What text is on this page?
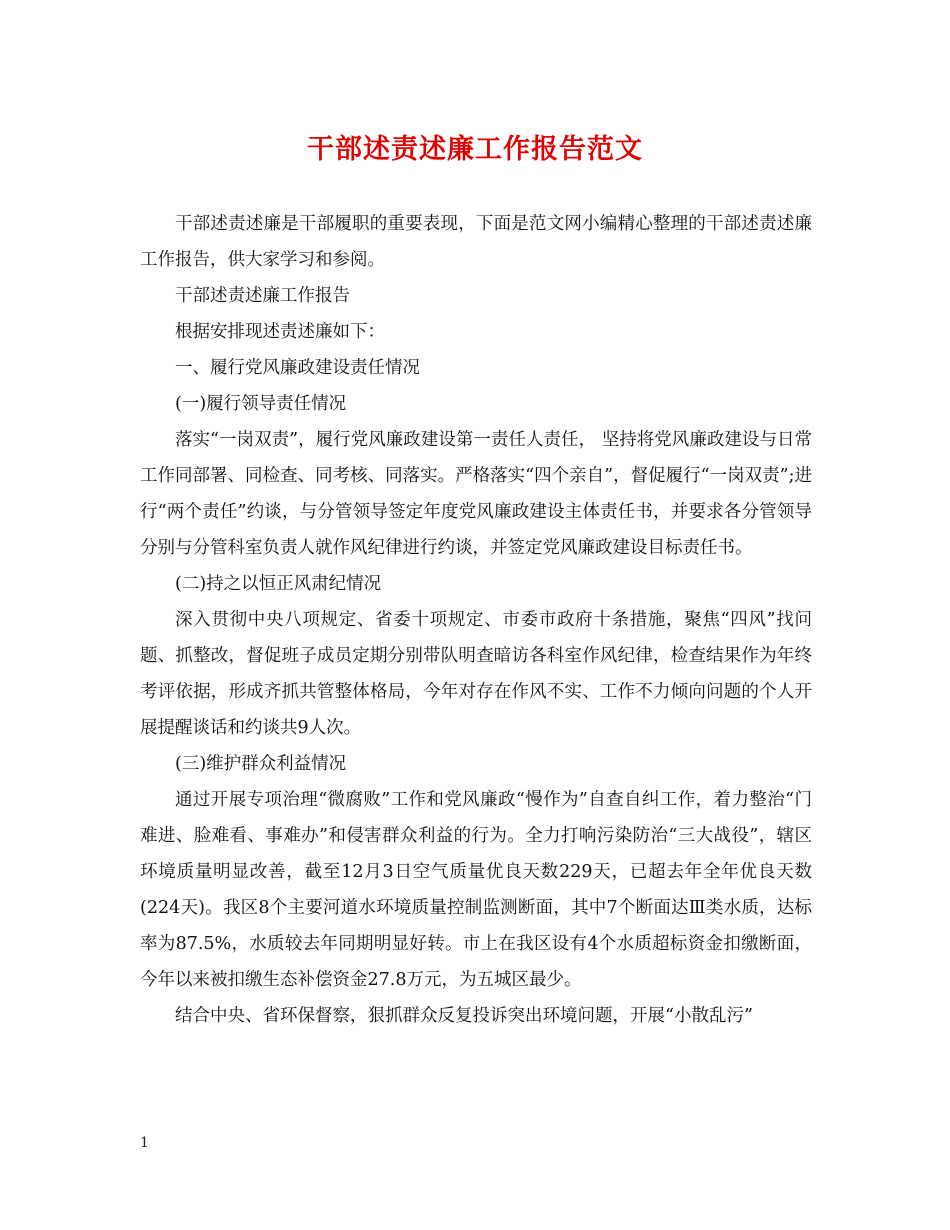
干部述责述廉工作报告范文

干部述责述廉是干部履职的重要表现，下面是范文网小编精心整理的干部述责述廉工作报告，供大家学习和参阅。

干部述责述廉工作报告

根据安排现述责述廉如下：

一、履行党风廉政建设责任情况

(一)履行领导责任情况

落实“一岗双责”，履行党风廉政建设第一责任人责任， 坚持将党风廉政建设与日常工作同部署、同检查、同考核、同落实。严格落实“四个亲自”，督促履行“一岗双责”;进行“两个责任”约谈，与分管领导签定年度党风廉政建设主体责任书，并要求各分管领导分别与分管科室负责人就作风纪律进行约谈，并签定党风廉政建设目标责任书。

(二)持之以恒正风肃纪情况

深入贯彻中央八项规定、省委十项规定、市委市政府十条措施，聚焦“四风”找问题、抓整改，督促班子成员定期分别带队明查暗访各科室作风纪律，检查结果作为年终考评依据，形成齐抓共管整体格局，今年对存在作风不实、工作不力倾向问题的个人开展提醒谈话和约谈共9人次。

(三)维护群众利益情况

通过开展专项治理“微腐败”工作和党风廉政“慢作为”自查自纠工作，着力整治“门难进、脸难看、事难办”和侵害群众利益的行为。全力打响污染防治“三大战役”，辖区环境质量明显改善，截至12月3日空气质量优良天数229天，已超去年全年优良天数(224天)。我区8个主要河道水环境质量控制监测断面，其中7个断面达Ⅲ类水质，达标率为87.5%，水质较去年同期明显好转。市上在我区设有4个水质超标资金扣缴断面，今年以来被扣缴生态补偿资金27.8万元，为五城区最少。

结合中央、省环保督察，狠抓群众反复投诉突出环境问题，开展“小散乱污”

1
